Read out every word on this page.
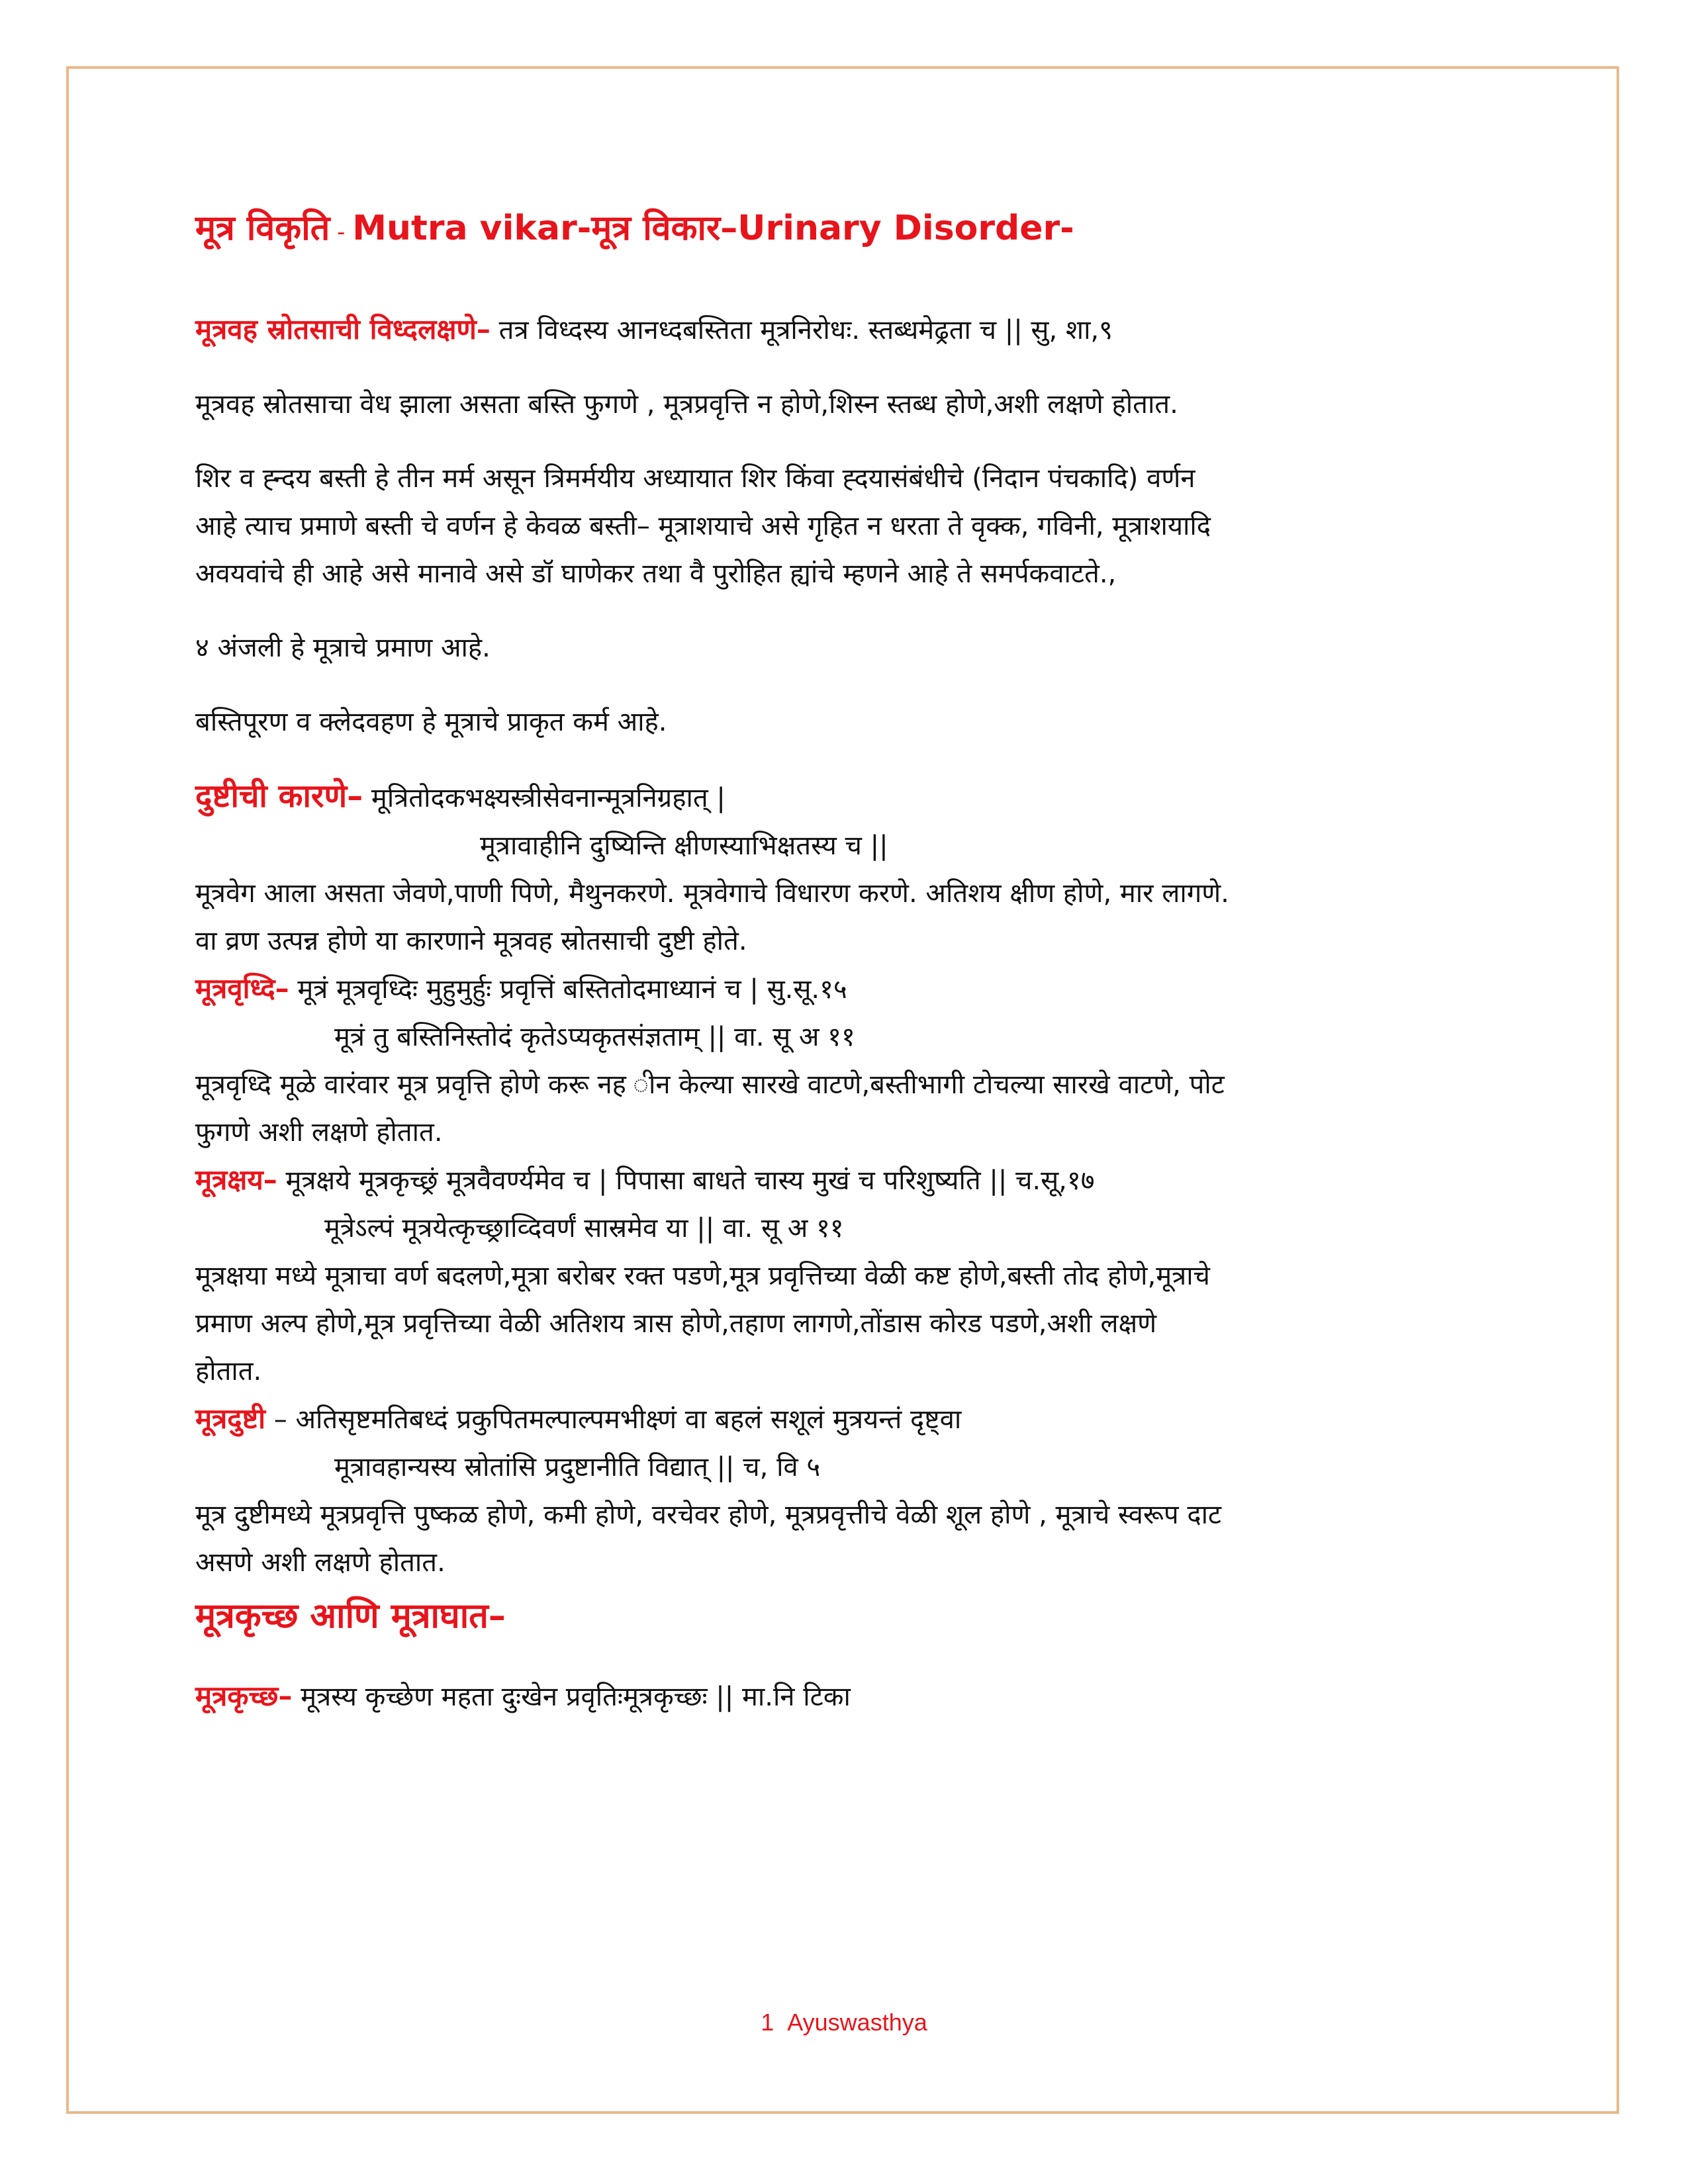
मूत्र विकृति - Mutra vikar-मूत्र विकार–Urinary Disorder-

मूत्रवह स्रोतसाची विध्दलक्षणे– तत्र विध्दस्य आनध्दबस्तिता मूत्रनिरोधः. स्तब्धमेढ्रता च || सु, शा,९

मूत्रवह स्रोतसाचा वेध झाला असता बस्ति फुगणे , मूत्रप्रवृत्ति न होणे,शिस्न स्तब्ध होणे,अशी लक्षणे होतात.

शिर व ह्न्दय बस्ती हे तीन मर्म असून त्रिमर्मयीय अध्यायात शिर किंवा ह्दयासंबंधीचे (निदान पंचकादि) वर्णन

आहे त्याच प्रमाणे बस्ती चे वर्णन हे केवळ बस्ती– मूत्राशयाचे असे गृहित न धरता ते वृक्क, गविनी, मूत्राशयादि

अवयवांचे ही आहे असे मानावे असे डॉ घाणेकर तथा वै पुरोहित ह्यांचे म्हणने आहे ते समर्पकवाटते.,

४ अंजली हे मूत्राचे प्रमाण आहे.

बस्तिपूरण व क्लेदवहण हे मूत्राचे प्राकृत कर्म आहे.

दुष्टीची कारणे– मूत्रितोदकभक्ष्यस्त्रीसेवनान्मूत्रनिग्रहात् |

मूत्रावाहीनि दुष्यिन्ति क्षीणस्याभिक्षतस्य च ||

मूत्रवेग आला असता जेवणे,पाणी पिणे, मैथुनकरणे. मूत्रवेगाचे विधारण करणे. अतिशय क्षीण होणे, मार लागणे.

वा व्रण उत्पन्न होणे या कारणाने मूत्रवह स्रोतसाची दुष्टी होते.

मूत्रवृध्दि– मूत्रं मूत्रवृध्दिः मुहुमुर्हुः प्रवृत्तिं बस्तितोदमाध्यानं च | सु.सू.१५

मूत्रं तु बस्तिनिस्तोदं कृतेऽप्यकृतसंज्ञताम् || वा. सू अ ११

मूत्रवृध्दि मूळे वारंवार मूत्र प्रवृत्ति होणे करू नह ीन केल्या सारखे वाटणे,बस्तीभागी टोचल्या सारखे वाटणे, पोट

फुगणे अशी लक्षणे होतात.

मूत्रक्षय– मूत्रक्षये मूत्रकृच्छ्रं मूत्रवैवर्ण्यमेव च | पिपासा बाधते चास्य मुखं च परिशुष्यति || च.सू,१७

मूत्रेऽल्पं मूत्रयेत्कृच्छ्राव्दिवर्णं सास्रमेव या || वा. सू अ ११

मूत्रक्षया मध्ये मूत्राचा वर्ण बदलणे,मूत्रा बरोबर रक्त पडणे,मूत्र प्रवृत्तिच्या वेळी कष्ट होणे,बस्ती तोद होणे,मूत्राचे

प्रमाण अल्प होणे,मूत्र प्रवृत्तिच्या वेळी अतिशय त्रास होणे,तहाण लागणे,तोंडास कोरड पडणे,अशी लक्षणे

होतात.

मूत्रदुष्टी – अतिसृष्टमतिबध्दं प्रकुपितमल्पाल्पमभीक्ष्णं वा बहलं सशूलं मुत्रयन्तं दृष्ट्वा

मूत्रावहान्यस्य स्रोतांसि प्रदुष्टानीति विद्यात् || च, वि ५

मूत्र दुष्टीमध्ये मूत्रप्रवृत्ति पुष्कळ होणे, कमी होणे, वरचेवर होणे, मूत्रप्रवृत्तीचे वेळी शूल होणे , मूत्राचे स्वरूप दाट

असणे अशी लक्षणे होतात.

मूत्रकृच्छ आणि मूत्राघात–

मूत्रकृच्छ– मूत्रस्य कृच्छेण महता दुःखेन प्रवृतिःमूत्रकृच्छः || मा.नि टिका

1 Ayuswasthya
